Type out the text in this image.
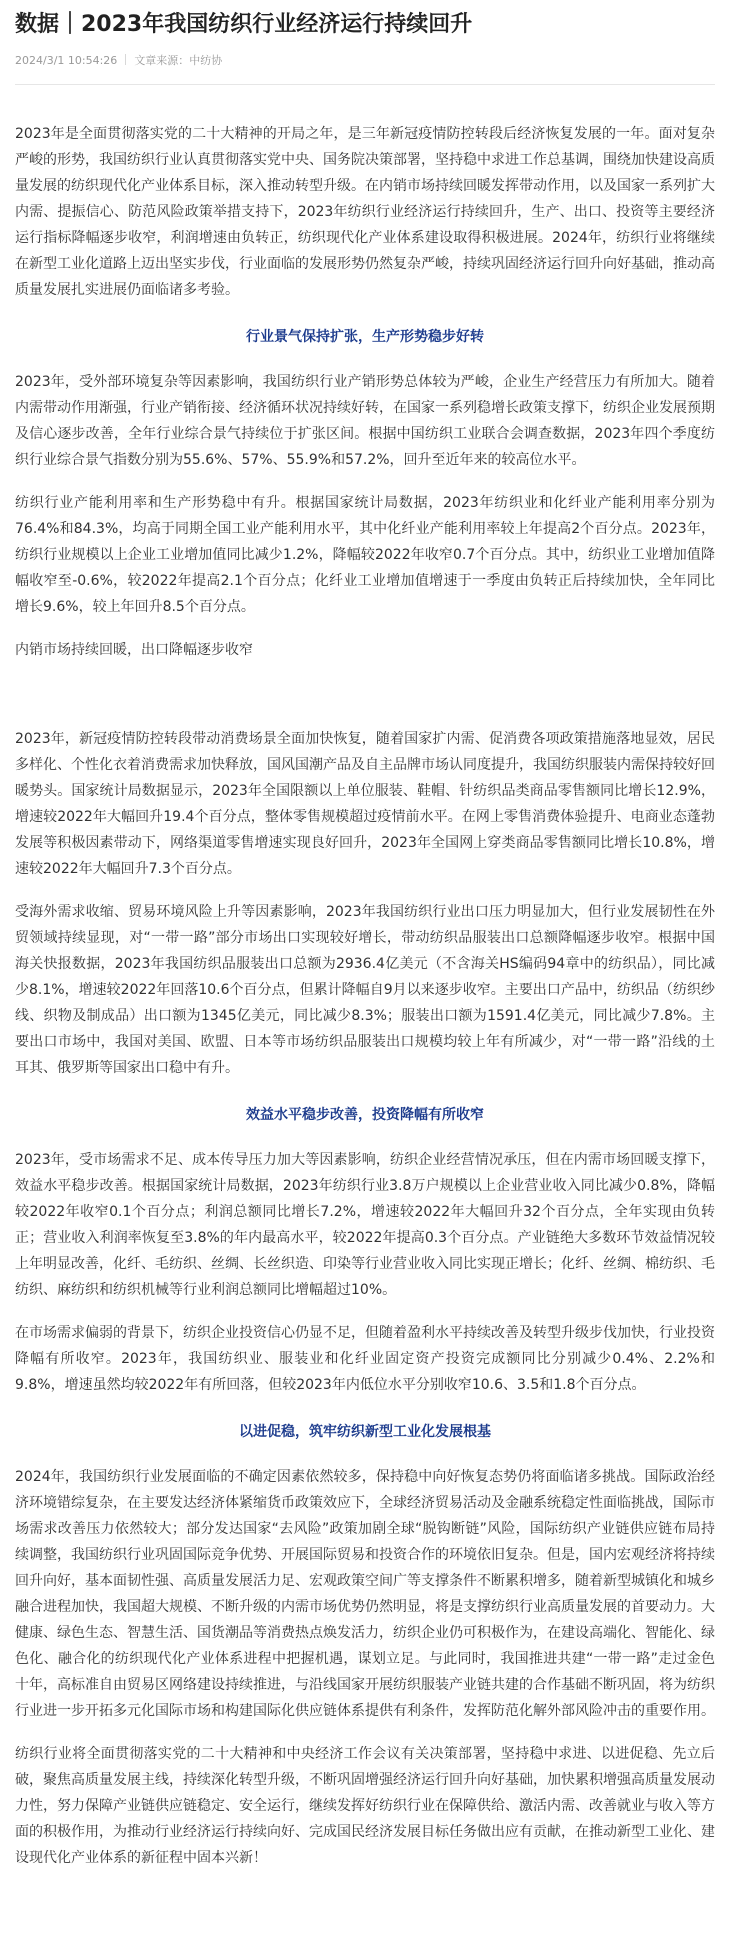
数据｜2023年我国纺织行业经济运行持续回升
2024/3/1 10:54:26 文章来源：中纺协

2023年是全面贯彻落实党的二十大精神的开局之年，是三年新冠疫情防控转段后经济恢复发展的一年。面对复杂严峻的形势，我国纺织行业认真贯彻落实党中央、国务院决策部署，坚持稳中求进工作总基调，围绕加快建设高质量发展的纺织现代化产业体系目标，深入推动转型升级。在内销市场持续回暖发挥带动作用，以及国家一系列扩大内需、提振信心、防范风险政策举措支持下，2023年纺织行业经济运行持续回升，生产、出口、投资等主要经济运行指标降幅逐步收窄，利润增速由负转正，纺织现代化产业体系建设取得积极进展。2024年，纺织行业将继续在新型工业化道路上迈出坚实步伐，行业面临的发展形势仍然复杂严峻，持续巩固经济运行回升向好基础，推动高质量发展扎实进展仍面临诸多考验。

行业景气保持扩张，生产形势稳步好转

2023年，受外部环境复杂等因素影响，我国纺织行业产销形势总体较为严峻，企业生产经营压力有所加大。随着内需带动作用渐强，行业产销衔接、经济循环状况持续好转，在国家一系列稳增长政策支撑下，纺织企业发展预期及信心逐步改善，全年行业综合景气持续位于扩张区间。根据中国纺织工业联合会调查数据，2023年四个季度纺织行业综合景气指数分别为55.6%、57%、55.9%和57.2%，回升至近年来的较高位水平。

纺织行业产能利用率和生产形势稳中有升。根据国家统计局数据，2023年纺织业和化纤业产能利用率分别为76.4%和84.3%，均高于同期全国工业产能利用水平，其中化纤业产能利用率较上年提高2个百分点。2023年，纺织行业规模以上企业工业增加值同比减少1.2%，降幅较2022年收窄0.7个百分点。其中，纺织业工业增加值降幅收窄至-0.6%，较2022年提高2.1个百分点；化纤业工业增加值增速于一季度由负转正后持续加快，全年同比增长9.6%，较上年回升8.5个百分点。

内销市场持续回暖，出口降幅逐步收窄

2023年，新冠疫情防控转段带动消费场景全面加快恢复，随着国家扩内需、促消费各项政策措施落地显效，居民多样化、个性化衣着消费需求加快释放，国风国潮产品及自主品牌市场认同度提升，我国纺织服装内需保持较好回暖势头。国家统计局数据显示，2023年全国限额以上单位服装、鞋帽、针纺织品类商品零售额同比增长12.9%，增速较2022年大幅回升19.4个百分点，整体零售规模超过疫情前水平。在网上零售消费体验提升、电商业态蓬勃发展等积极因素带动下，网络渠道零售增速实现良好回升，2023年全国网上穿类商品零售额同比增长10.8%，增速较2022年大幅回升7.3个百分点。

受海外需求收缩、贸易环境风险上升等因素影响，2023年我国纺织行业出口压力明显加大，但行业发展韧性在外贸领域持续显现，对“一带一路”部分市场出口实现较好增长，带动纺织品服装出口总额降幅逐步收窄。根据中国海关快报数据，2023年我国纺织品服装出口总额为2936.4亿美元（不含海关HS编码94章中的纺织品），同比减少8.1%，增速较2022年回落10.6个百分点，但累计降幅自9月以来逐步收窄。主要出口产品中，纺织品（纺织纱线、织物及制成品）出口额为1345亿美元，同比减少8.3%；服装出口额为1591.4亿美元，同比减少7.8%。主要出口市场中，我国对美国、欧盟、日本等市场纺织品服装出口规模均较上年有所减少，对“一带一路”沿线的土耳其、俄罗斯等国家出口稳中有升。

效益水平稳步改善，投资降幅有所收窄

2023年，受市场需求不足、成本传导压力加大等因素影响，纺织企业经营情况承压，但在内需市场回暖支撑下，效益水平稳步改善。根据国家统计局数据，2023年纺织行业3.8万户规模以上企业营业收入同比减少0.8%，降幅较2022年收窄0.1个百分点；利润总额同比增长7.2%，增速较2022年大幅回升32个百分点，全年实现由负转正；营业收入利润率恢复至3.8%的年内最高水平，较2022年提高0.3个百分点。产业链绝大多数环节效益情况较上年明显改善，化纤、毛纺织、丝绸、长丝织造、印染等行业营业收入同比实现正增长；化纤、丝绸、棉纺织、毛纺织、麻纺织和纺织机械等行业利润总额同比增幅超过10%。

在市场需求偏弱的背景下，纺织企业投资信心仍显不足，但随着盈利水平持续改善及转型升级步伐加快，行业投资降幅有所收窄。2023年，我国纺织业、服装业和化纤业固定资产投资完成额同比分别减少0.4%、2.2%和9.8%，增速虽然均较2022年有所回落，但较2023年内低位水平分别收窄10.6、3.5和1.8个百分点。

以进促稳，筑牢纺织新型工业化发展根基

2024年，我国纺织行业发展面临的不确定因素依然较多，保持稳中向好恢复态势仍将面临诸多挑战。国际政治经济环境错综复杂，在主要发达经济体紧缩货币政策效应下，全球经济贸易活动及金融系统稳定性面临挑战，国际市场需求改善压力依然较大；部分发达国家“去风险”政策加剧全球“脱钩断链”风险，国际纺织产业链供应链布局持续调整，我国纺织行业巩固国际竞争优势、开展国际贸易和投资合作的环境依旧复杂。但是，国内宏观经济将持续回升向好，基本面韧性强、高质量发展活力足、宏观政策空间广等支撑条件不断累积增多，随着新型城镇化和城乡融合进程加快，我国超大规模、不断升级的内需市场优势仍然明显，将是支撑纺织行业高质量发展的首要动力。大健康、绿色生态、智慧生活、国货潮品等消费热点焕发活力，纺织企业仍可积极作为，在建设高端化、智能化、绿色化、融合化的纺织现代化产业体系进程中把握机遇，谋划立足。与此同时，我国推进共建“一带一路”走过金色十年，高标准自由贸易区网络建设持续推进，与沿线国家开展纺织服装产业链共建的合作基础不断巩固，将为纺织行业进一步开拓多元化国际市场和构建国际化供应链体系提供有利条件，发挥防范化解外部风险冲击的重要作用。

纺织行业将全面贯彻落实党的二十大精神和中央经济工作会议有关决策部署，坚持稳中求进、以进促稳、先立后破，聚焦高质量发展主线，持续深化转型升级，不断巩固增强经济运行回升向好基础，加快累积增强高质量发展动力性，努力保障产业链供应链稳定、安全运行，继续发挥好纺织行业在保障供给、激活内需、改善就业与收入等方面的积极作用，为推动行业经济运行持续向好、完成国民经济发展目标任务做出应有贡献，在推动新型工业化、建设现代化产业体系的新征程中固本兴新！
